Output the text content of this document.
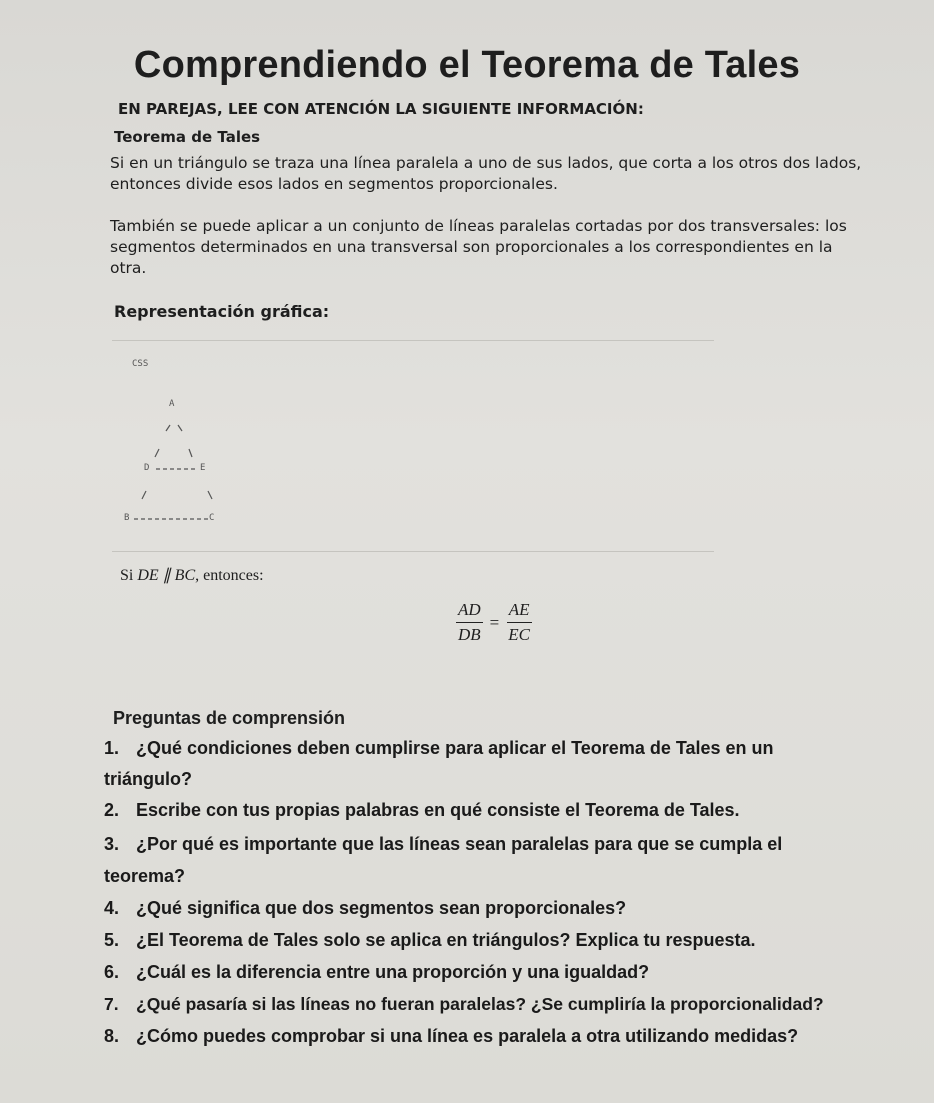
Comprendiendo el Teorema de Tales
EN PAREJAS, LEE CON ATENCIÓN LA SIGUIENTE INFORMACIÓN:
Teorema de Tales
Si en un triángulo se traza una línea paralela a uno de sus lados, que corta a los otros dos lados, entonces divide esos lados en segmentos proporcionales.
También se puede aplicar a un conjunto de líneas paralelas cortadas por dos transversales: los segmentos determinados en una transversal son proporcionales a los correspondientes en la otra.
Representación gráfica:
CSS
A
D	E
B	C
Si DE ∥ BC, entonces:
$\frac{AD}{DB} = \frac{AE}{EC}$
Preguntas de comprensión
1. ¿Qué condiciones deben cumplirse para aplicar el Teorema de Tales en un
triángulo?
2. Escribe con tus propias palabras en qué consiste el Teorema de Tales.
3. ¿Por qué es importante que las líneas sean paralelas para que se cumpla el
teorema?
4. ¿Qué significa que dos segmentos sean proporcionales?
5. ¿El Teorema de Tales solo se aplica en triángulos? Explica tu respuesta.
6. ¿Cuál es la diferencia entre una proporción y una igualdad?
7. ¿Qué pasaría si las líneas no fueran paralelas? ¿Se cumpliría la proporcionalidad?
8. ¿Cómo puedes comprobar si una línea es paralela a otra utilizando medidas?
